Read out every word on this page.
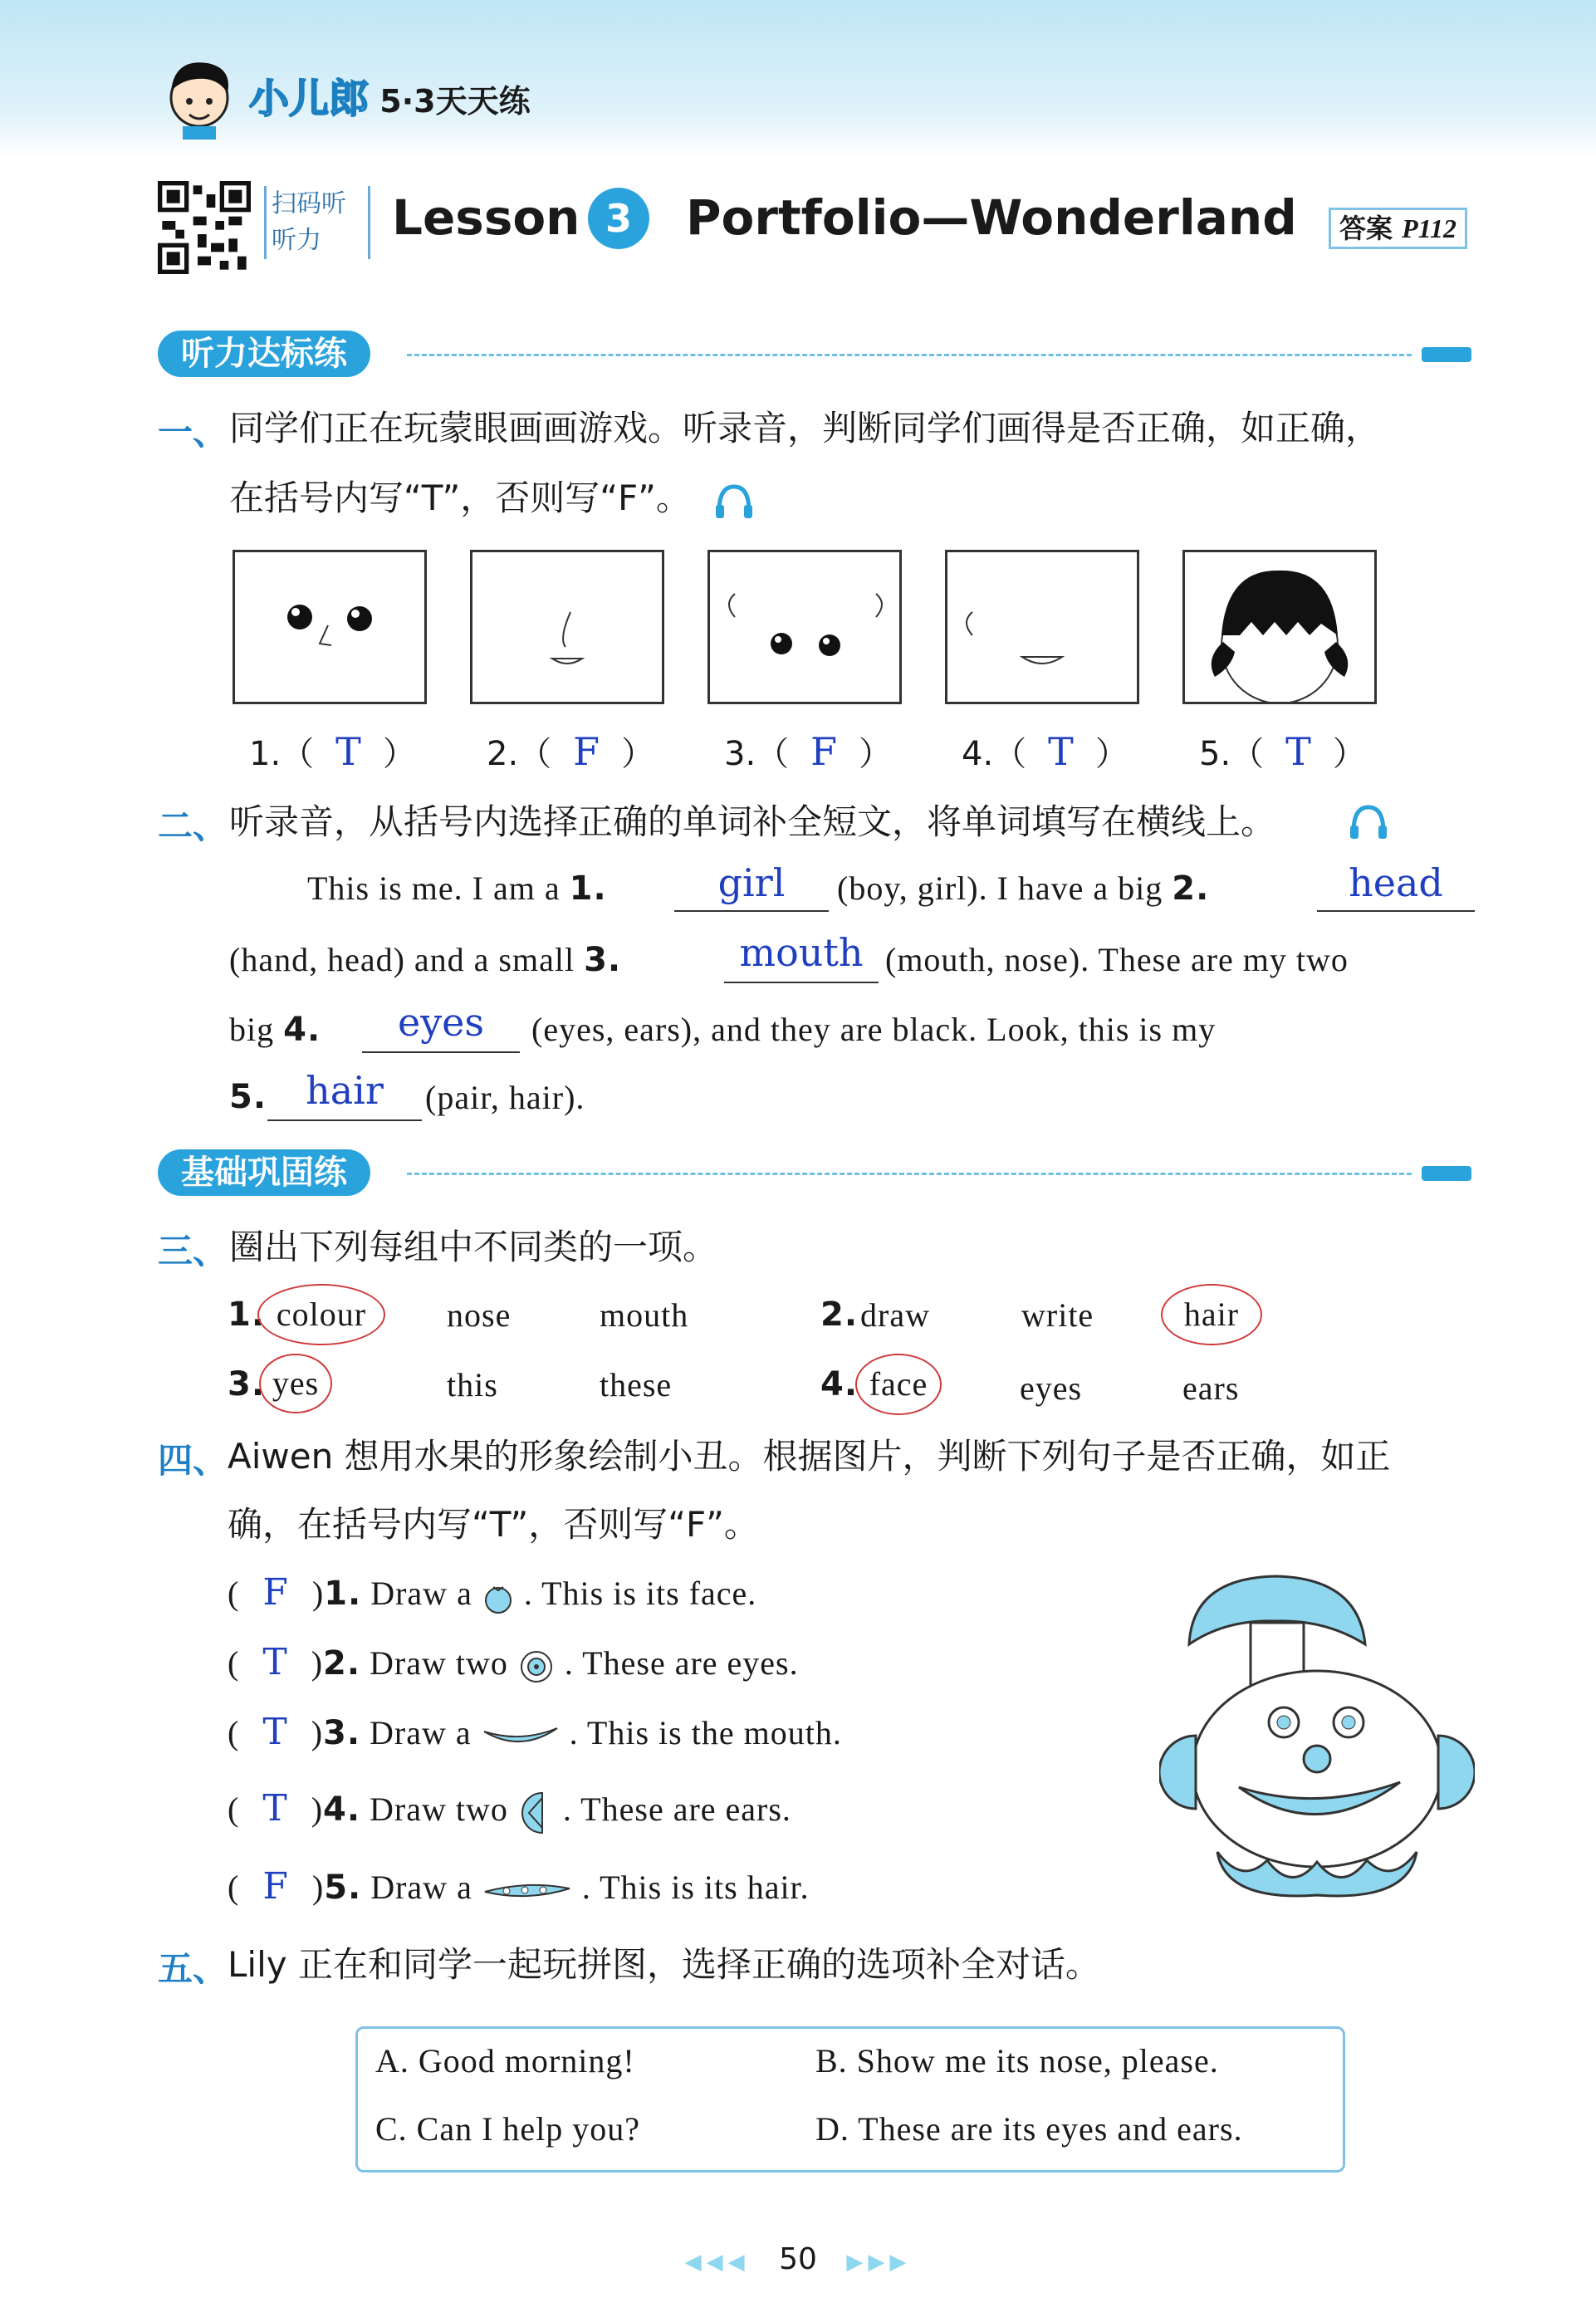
小儿郎 5·3天天练
扫码听听力	Lesson 3	Portfolio—Wonderland	答案 P112
听力达标练
一、 同学们正在玩蒙眼画画游戏。听录音，判断同学们画得是否正确，如正确，
在括号内写“T”，否则写“F”。
1.（ T ） 2.（ F ） 3.（ F ） 4.（ T ） 5.（ T ）
二、 听录音，从括号内选择正确的单词补全短文，将单词填写在横线上。
This is me. I am a 1.	girl	(boy, girl). I have a big 2.	head
(hand, head) and a small 3.	mouth (mouth, nose). These are my two
big 4.	eyes	(eyes, ears), and they are black. Look, this is my
5.	hair	(pair, hair).
基础巩固练
三、 圈出下列每组中不同类的一项。
1. colour	nose	mouth	2. draw	write	hair
3. yes	this	these	4. face	eyes	ears
四、 Aiwen 想用水果的形象绘制小丑。根据图片，判断下列句子是否正确，如正
确，在括号内写“T”，否则写“F”。
( F )1. Draw a  . This is its face.
( T )2. Draw two  . These are eyes.
( T )3. Draw a	. This is the mouth.
( T )4. Draw two  . These are ears.
( F )5. Draw a	. This is its hair.
五、 Lily 正在和同学一起玩拼图，选择正确的选项补全对话。
A. Good morning!	B. Show me its nose, please.
C. Can I help you?	D. These are its eyes and ears.
◀◀◀ 50 ▶▶▶
